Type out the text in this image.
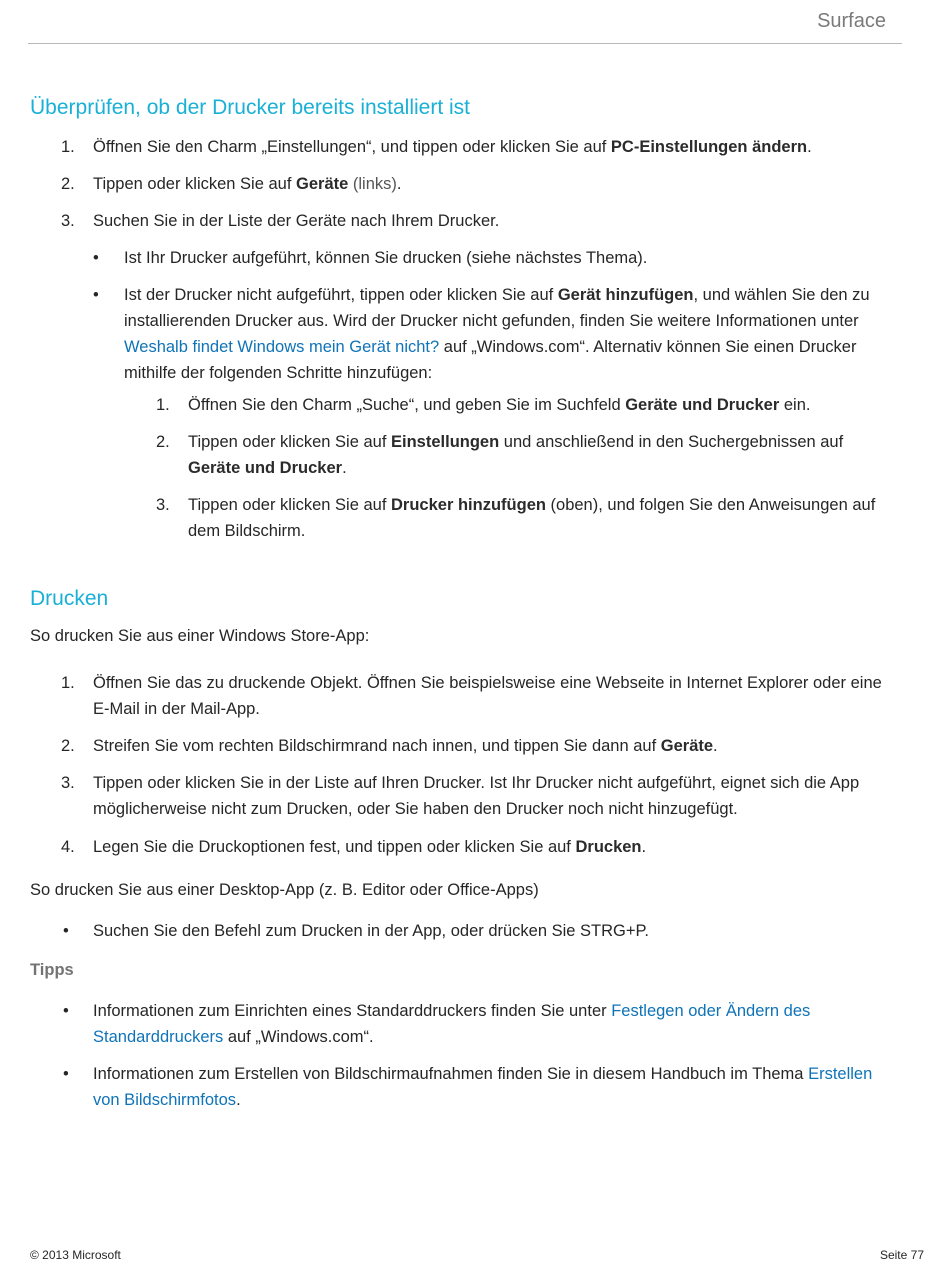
Surface
Überprüfen, ob der Drucker bereits installiert ist
1. Öffnen Sie den Charm „Einstellungen“, und tippen oder klicken Sie auf PC-Einstellungen ändern.
2. Tippen oder klicken Sie auf Geräte (links).
3. Suchen Sie in der Liste der Geräte nach Ihrem Drucker.
• Ist Ihr Drucker aufgeführt, können Sie drucken (siehe nächstes Thema).
• Ist der Drucker nicht aufgeführt, tippen oder klicken Sie auf Gerät hinzufügen, und wählen Sie den zu installierenden Drucker aus. Wird der Drucker nicht gefunden, finden Sie weitere Informationen unter Weshalb findet Windows mein Gerät nicht? auf „Windows.com“. Alternativ können Sie einen Drucker mithilfe der folgenden Schritte hinzufügen:
1. Öffnen Sie den Charm „Suche“, und geben Sie im Suchfeld Geräte und Drucker ein.
2. Tippen oder klicken Sie auf Einstellungen und anschließend in den Suchergebnissen auf Geräte und Drucker.
3. Tippen oder klicken Sie auf Drucker hinzufügen (oben), und folgen Sie den Anweisungen auf dem Bildschirm.
Drucken

So drucken Sie aus einer Windows Store-App:

1. Öffnen Sie das zu druckende Objekt. Öffnen Sie beispielsweise eine Webseite in Internet Explorer oder eine E-Mail in der Mail-App.
2. Streifen Sie vom rechten Bildschirmrand nach innen, und tippen Sie dann auf Geräte.
3. Tippen oder klicken Sie in der Liste auf Ihren Drucker. Ist Ihr Drucker nicht aufgeführt, eignet sich die App möglicherweise nicht zum Drucken, oder Sie haben den Drucker noch nicht hinzugefügt.
4. Legen Sie die Druckoptionen fest, und tippen oder klicken Sie auf Drucken.

So drucken Sie aus einer Desktop-App (z. B. Editor oder Office-Apps)

• Suchen Sie den Befehl zum Drucken in der App, oder drücken Sie STRG+P.

Tipps

• Informationen zum Einrichten eines Standarddruckers finden Sie unter Festlegen oder Ändern des Standarddruckers auf „Windows.com“.
• Informationen zum Erstellen von Bildschirmaufnahmen finden Sie in diesem Handbuch im Thema Erstellen von Bildschirmfotos.
© 2013 Microsoft	Seite 77
